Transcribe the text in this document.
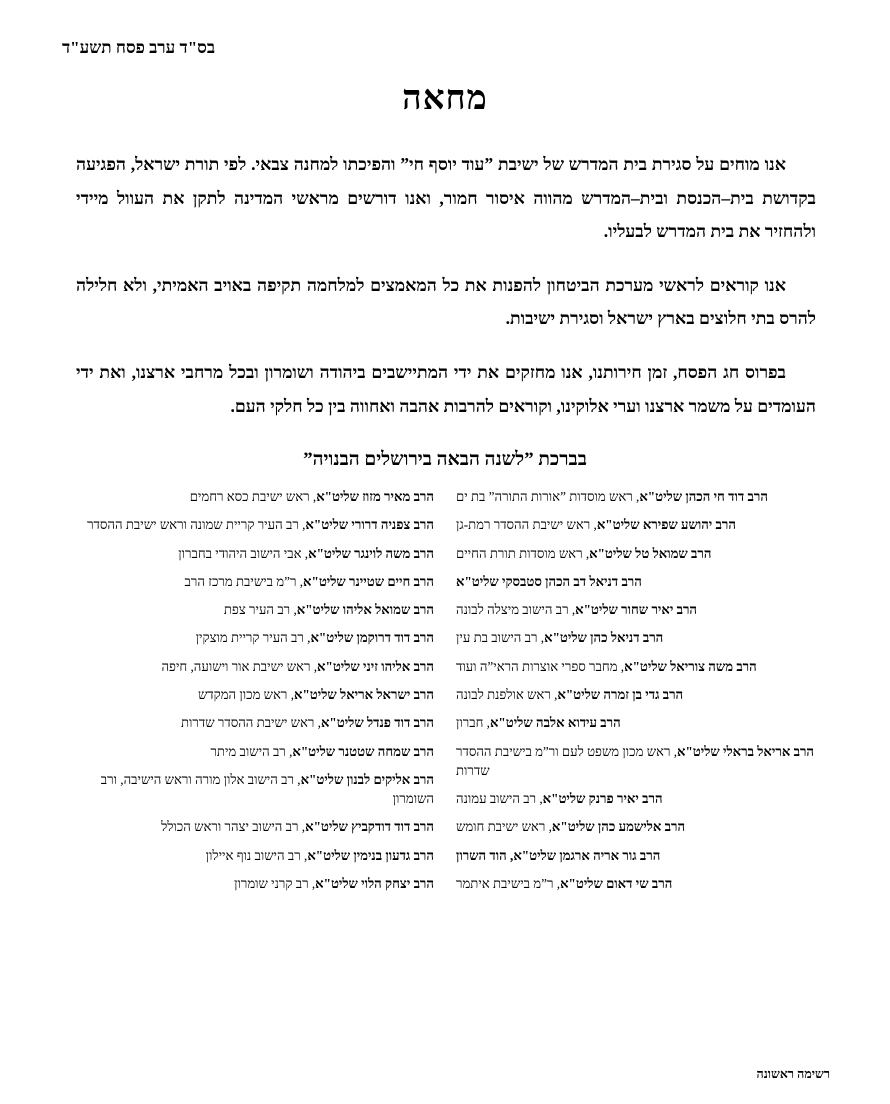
בס"ד ערב פסח תשע"ד
מחאה

אנו מוחים על סגירת בית המדרש של ישיבת ”עוד יוסף חי” והפיכתו למחנה צבאי. לפי תורת ישראל, הפגיעה בקדושת בית–הכנסת ובית–המדרש מהווה איסור חמור, ואנו דורשים מראשי המדינה לתקן את העוול מיידי ולהחזיר את בית המדרש לבעליו.

אנו קוראים לראשי מערכת הביטחון להפנות את כל המאמצים למלחמה תקיפה באויב האמיתי, ולא חלילה להרס בתי חלוצים בארץ ישראל וסגירת ישיבות.

בפרוס חג הפסח, זמן חירותנו, אנו מחזקים את ידי המתיישבים ביהודה ושומרון ובכל מרחבי ארצנו, ואת ידי העומדים על משמר ארצנו וערי אלוקינו, וקוראים להרבות אהבה ואחווה בין כל חלקי העם.

בברכת ”לשנה הבאה בירושלים הבנויה”
הרב דוד חי הכהן שליט"א, ראש מוסדות ”אורות התורה” בת ים
הרב יהושע שפירא שליט"א, ראש ישיבת ההסדר רמת-גן
הרב שמואל טל שליט"א, ראש מוסדות תורת החיים
הרב דניאל דב הכהן סטבסקי שליט"א
הרב יאיר שחור שליט"א, רב הישוב מיצלה לבונה
הרב דניאל כהן שליט"א, רב הישוב בת עין
הרב משה צוריאל שליט"א, מחבר ספרי אוצרות הראי”ה ועוד
הרב גדי בן זמרה שליט"א, ראש אולפנת לבונה
הרב עידוא אלבה שליט"א, חברון
הרב אריאל בראלי שליט"א, ראש מכון משפט לעם ור”מ בישיבת ההסדר שדרות
הרב יאיר פרנק שליט"א, רב הישוב עמונה
הרב אלישמע כהן שליט"א, ראש ישיבת חומש
הרב גור אריה ארגמן שליט"א, הוד השרון
הרב שי דאום שליט"א, ר”מ בישיבת איתמר
הרב מאיר מזוז שליט"א, ראש ישיבת כסא רחמים
הרב צפניה דרורי שליט"א, רב העיר קריית שמונה וראש ישיבת ההסדר
הרב משה לוינגר שליט"א, אבי הישוב היהודי בחברון
הרב חיים שטיינר שליט"א, ר”מ בישיבת מרכז הרב
הרב שמואל אליהו שליט"א, רב העיר צפת
הרב דוד דרוקמן שליט"א, רב העיר קריית מוצקין
הרב אליהו זיני שליט"א, ראש ישיבת אור וישועה, חיפה
הרב ישראל אריאל שליט"א, ראש מכון המקדש
הרב דוד פנדל שליט"א, ראש ישיבת ההסדר שדרות
הרב שמחה שטטנר שליט"א, רב הישוב מיתר
הרב אליקים לבנון שליט"א, רב הישוב אלון מורה וראש הישיבה, ורב השומרון
הרב דוד דודקביץ שליט"א, רב הישוב יצהר וראש הכולל
הרב גדעון בנימין שליט"א, רב הישוב נוף איילון
הרב יצחק הלוי שליט"א, רב קרני שומרון
רשימה ראשונה
